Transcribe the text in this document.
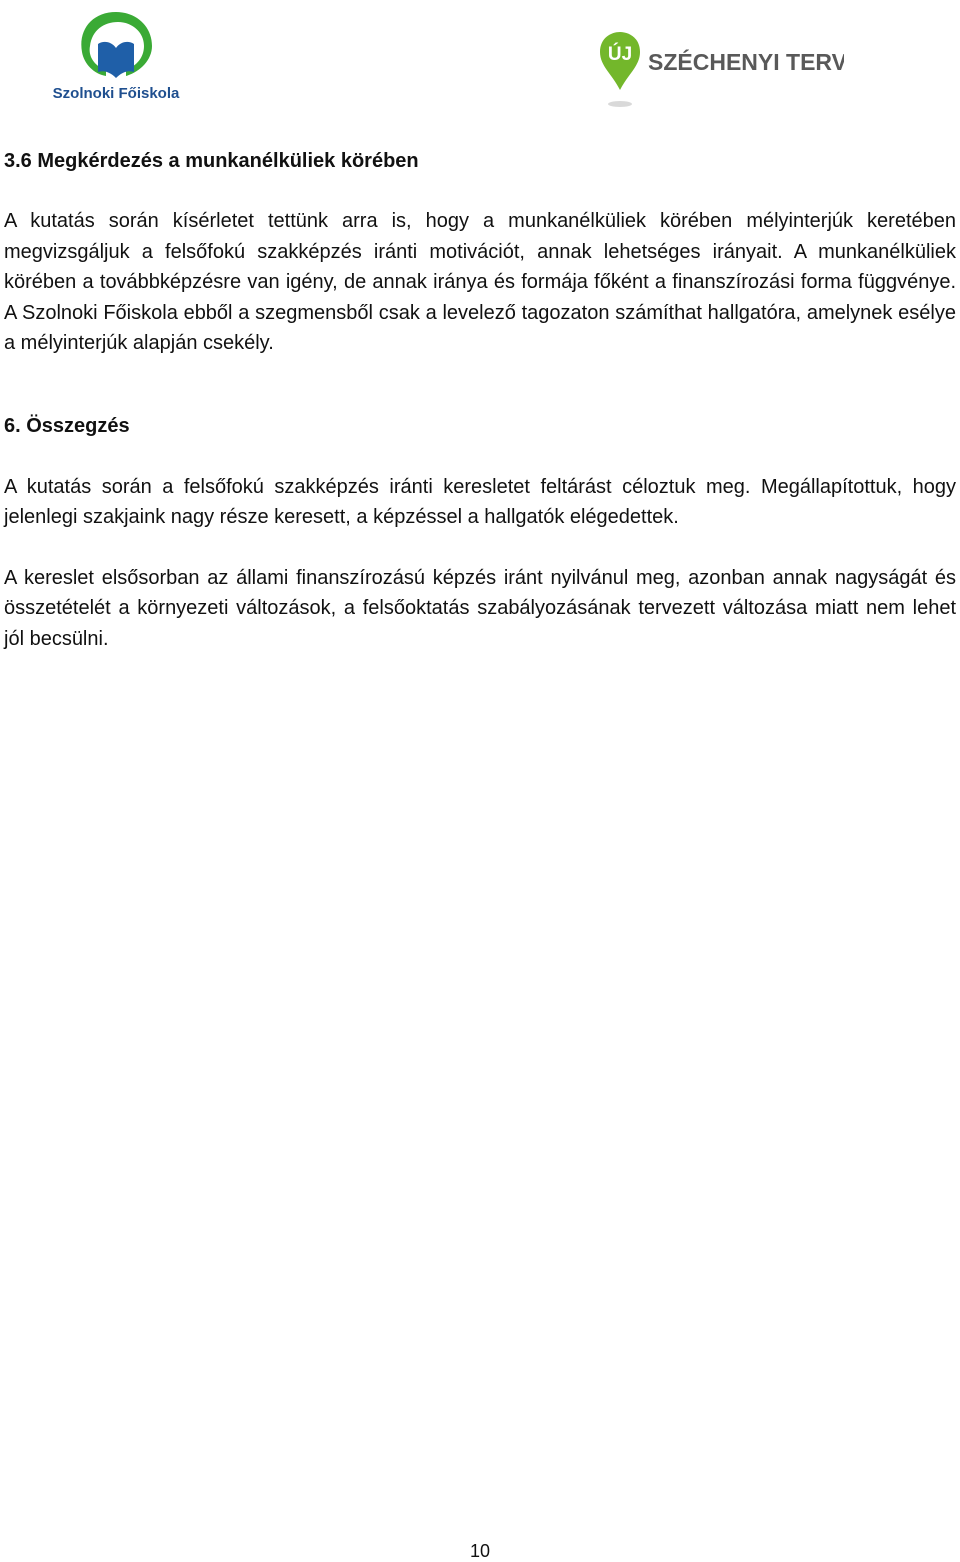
Szolnoki Főiskola
ÚJ SZÉCHENYI TERV
3.6 Megkérdezés a munkanélküliek körében

A kutatás során kísérletet tettünk arra is, hogy a munkanélküliek körében mélyinterjúk keretében megvizsgáljuk a felsőfokú szakképzés iránti motivációt, annak lehetséges irányait. A munkanélküliek körében a továbbképzésre van igény, de annak iránya és formája főként a finanszírozási forma függvénye. A Szolnoki Főiskola ebből a szegmensből csak a levelező tagozaton számíthat hallgatóra, amelynek esélye a mélyinterjúk alapján csekély.

6. Összegzés

A kutatás során a felsőfokú szakképzés iránti keresletet feltárást céloztuk meg. Megállapítottuk, hogy jelenlegi szakjaink nagy része keresett, a képzéssel a hallgatók elégedettek.

A kereslet elsősorban az állami finanszírozású képzés iránt nyilvánul meg, azonban annak nagyságát és összetételét a környezeti változások, a felsőoktatás szabályozásának tervezett változása miatt nem lehet jól becsülni.

10
